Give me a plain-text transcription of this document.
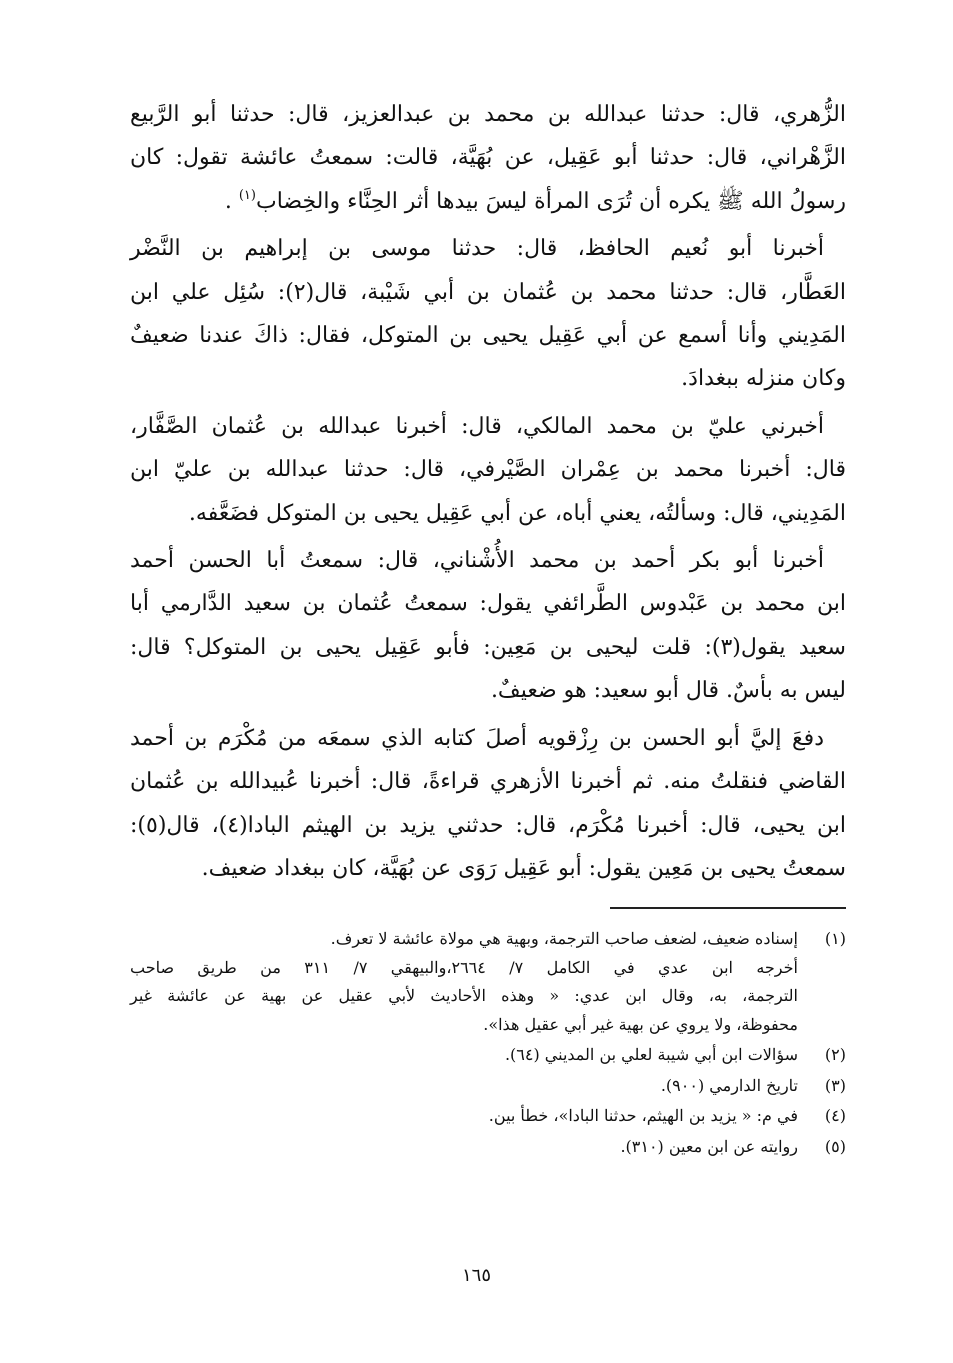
الزُّهري، قال: حدثنا عبدالله بن محمد بن عبدالعزيز، قال: حدثنا أبو الرَّبيع
الزَّهْراني، قال: حدثنا أبو عَقِيل، عن بُهَيَّة، قالت: سمعتُ عائشة تقول: كان
رسولُ الله ﷺ يكره أن تُرَى المرأة ليسَ بيدها أثر الحِنَّاء والخِضاب$^{(١)}$ .

أخبرنا أبو نُعيم الحافظ، قال: حدثنا موسى بن إبراهيم بن النَّضْر
العَطَّار، قال: حدثنا محمد بن عُثمان بن أبي شَيْبة، قال(٢): سُئِل علي ابن
المَدِيني وأنا أسمع عن أبي عَقِيل يحيى بن المتوكل، فقال: ذاكَ عندنا ضعيفٌ
وكان منزله ببغدادَ.

أخبرني عليّ بن محمد المالكي، قال: أخبرنا عبدالله بن عُثمان الصَّفَّار،
قال: أخبرنا محمد بن عِمْران الصَّيْرفي، قال: حدثنا عبدالله بن عليّ ابن
المَدِيني، قال: وسألتُه، يعني أباه، عن أبي عَقِيل يحيى بن المتوكل فضَعَّفه.

أخبرنا أبو بكر أحمد بن محمد الأُشْناني، قال: سمعتُ أبا الحسن أحمد
ابن محمد بن عَبْدوس الطَّرائفي يقول: سمعتُ عُثمان بن سعيد الدَّارمي أبا
سعيد يقول(٣): قلت ليحيى بن مَعِين: فأبو عَقِيل يحيى بن المتوكل؟ قال:
ليس به بأسٌ. قال أبو سعيد: هو ضعيفٌ.

دفعَ إليَّ أبو الحسن بن رِزْقويه أصلَ كتابه الذي سمعَه من مُكْرَم بن أحمد
القاضي فنقلتُ منه. ثم أخبرنا الأزهري قراءةً، قال: أخبرنا عُبيدالله بن عُثمان
ابن يحيى، قال: أخبرنا مُكْرَم، قال: حدثني يزيد بن الهيثم البادا(٤)، قال(٥):
سمعتُ يحيى بن مَعِين يقول: أبو عَقِيل رَوَى عن بُهَيَّة، كان ببغداد ضعيف.

(١)
إسناده ضعيف، لضعف صاحب الترجمة، وبهية هي مولاة عائشة لا تعرف.
أخرجه ابن عدي في الكامل ٧/ ٢٦٦٤،والبيهقي ٧/ ٣١١ من طريق صاحب
الترجمة، به، وقال ابن عدي: « وهذه الأحاديث لأبي عقيل عن بهية عن عائشة غير
محفوظة، ولا يروي عن بهية غير أبي عقيل هذا».
(٢)
سؤالات ابن أبي شيبة لعلي بن المديني (٦٤).
(٣)
تاريخ الدارمي (٩٠٠).
(٤)
في م: « يزيد بن الهيثم، حدثنا البادا»، خطأ بين.
(٥)
روايته عن ابن معين (٣١٠).
١٦٥
